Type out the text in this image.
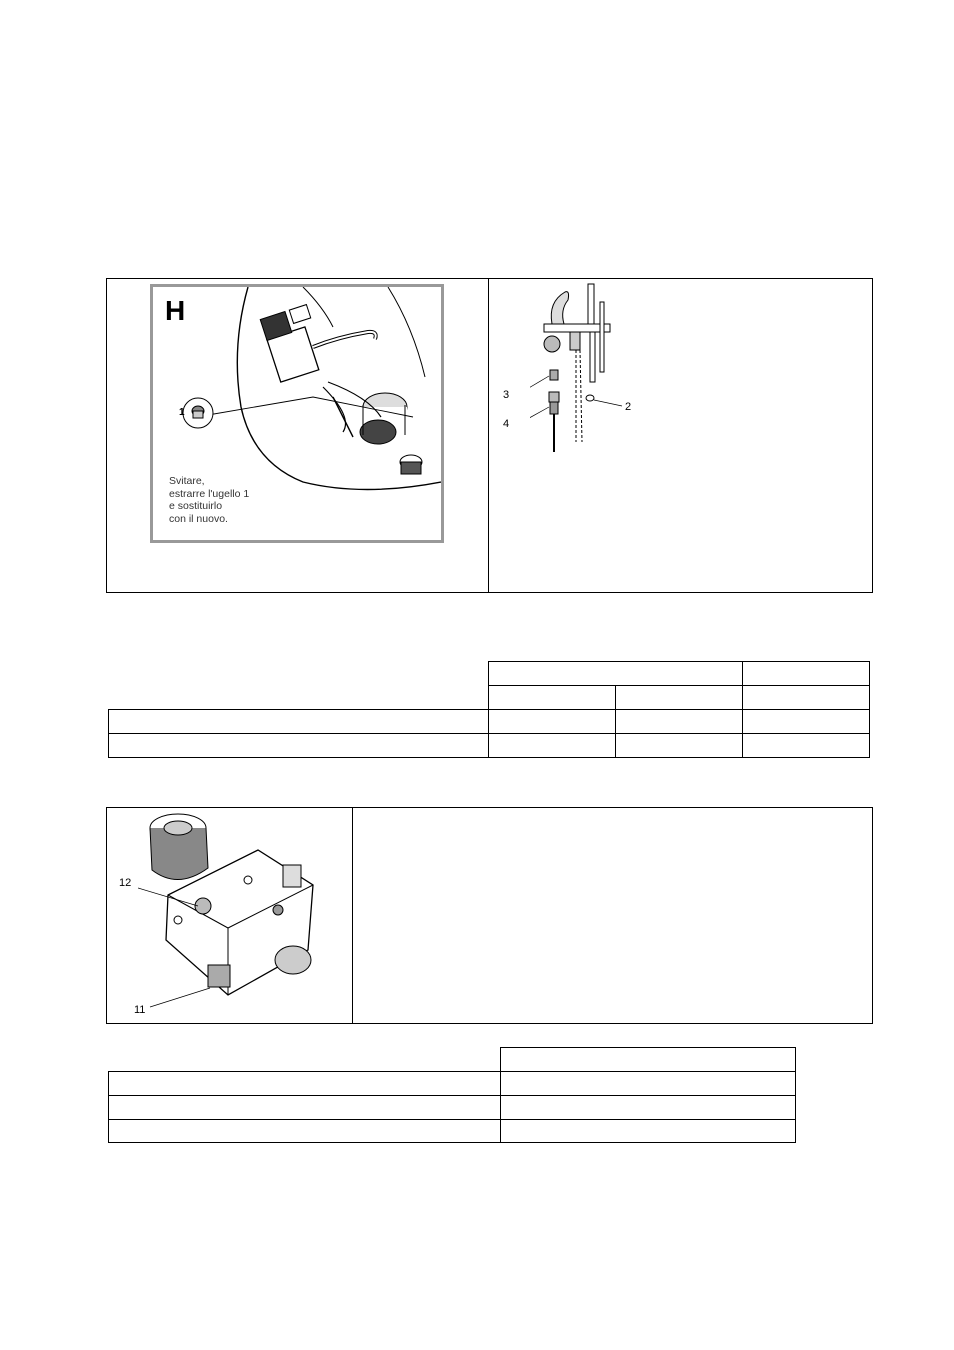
H
1
Svitare,
estrarre l'ugello 1
e sostituirlo
con il nuovo.
3
4
2
12
11
